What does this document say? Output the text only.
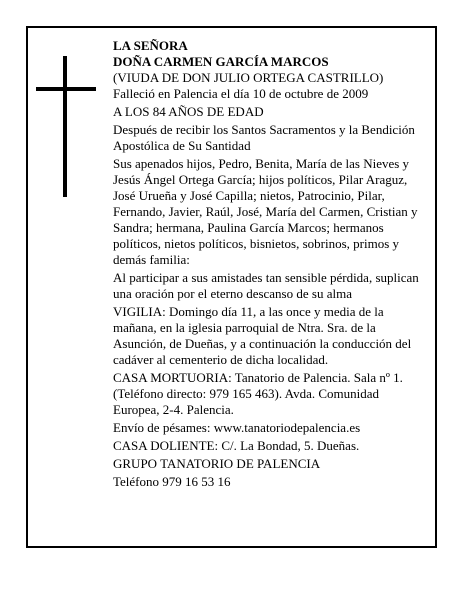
LA SEÑORA

DOÑA CARMEN GARCÍA MARCOS

(VIUDA DE DON JULIO ORTEGA CASTRILLO)

Falleció en Palencia el día 10 de octubre de 2009

A LOS 84 AÑOS DE EDAD

Después de recibir los Santos Sacramentos y la Bendición Apostólica de Su Santidad

Sus apenados hijos, Pedro, Benita, María de las Nieves y Jesús Ángel Ortega García; hijos políticos, Pilar Araguz, José Urueña y José Capilla; nietos, Patrocinio, Pilar, Fernando, Javier, Raúl, José, María del Carmen, Cristian y Sandra; hermana, Paulina García Marcos; hermanos políticos, nietos políticos, bisnietos, sobrinos, primos y demás familia:

Al participar a sus amistades tan sensible pérdida, suplican una oración por el eterno descanso de su alma

VIGILIA: Domingo día 11, a las once y media de la mañana, en la iglesia parroquial de Ntra. Sra. de la Asunción, de Dueñas, y a continuación la conducción del cadáver al cementerio de dicha localidad.

CASA MORTUORIA: Tanatorio de Palencia. Sala nº 1. (Teléfono directo: 979 165 463). Avda. Comunidad Europea, 2-4. Palencia.

Envío de pésames: www.tanatoriodepalencia.es

CASA DOLIENTE: C/. La Bondad, 5. Dueñas.

GRUPO TANATORIO DE PALENCIA

Teléfono 979 16 53 16
